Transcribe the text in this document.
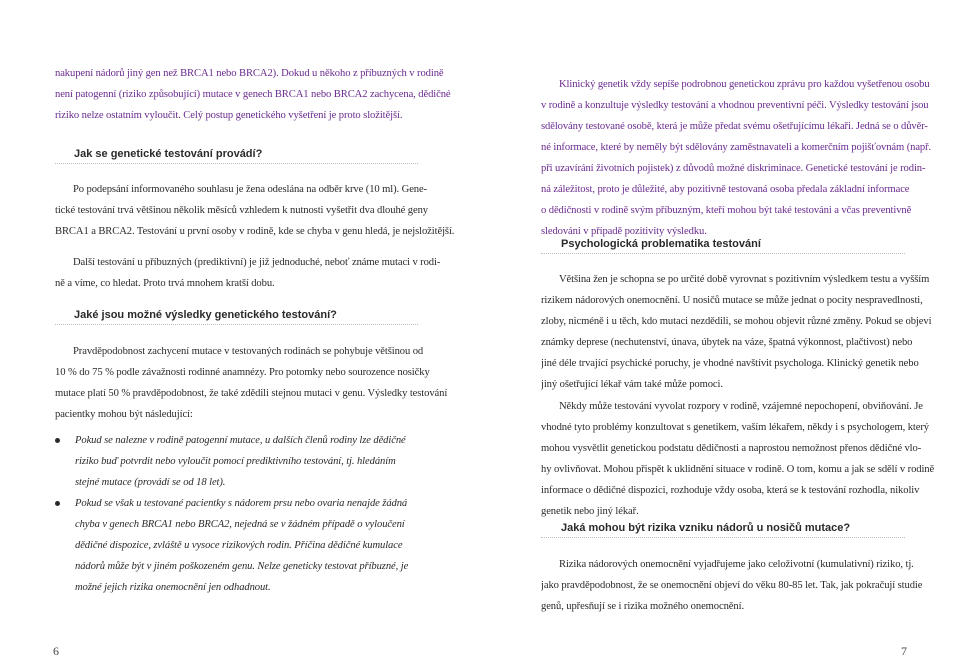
nakupení nádorů jiný gen než BRCA1 nebo BRCA2). Dokud u někoho z příbuzných v rodině
není patogenní (riziko způsobující) mutace v genech BRCA1 nebo BRCA2 zachycena, dědičné
riziko nelze ostatním vyloučit. Celý postup genetického vyšetření je proto složitější.
Jak se genetické testování provádí?
Po podepsání informovaného souhlasu je žena odeslána na odběr krve (10 ml). Gene-
tické testování trvá většinou několik měsíců vzhledem k nutnosti vyšetřit dva dlouhé geny
BRCA1 a BRCA2. Testování u první osoby v rodině, kde se chyba v genu hledá, je nejsložitější.
Další testování u příbuzných (prediktivní) je již jednoduché, neboť známe mutaci v rodi-
ně a víme, co hledat. Proto trvá mnohem kratší dobu.
Jaké jsou možné výsledky genetického testování?
Pravděpodobnost zachycení mutace v testovaných rodinách se pohybuje většinou od
10 % do 75 % podle závažnosti rodinné anamnézy. Pro potomky nebo sourozence nosičky
mutace platí 50 % pravděpodobnost, že také zdědili stejnou mutaci v genu. Výsledky testování
pacientky mohou být následující:
Pokud se nalezne v rodině patogenní mutace, u dalších členů rodiny lze dědičné
riziko buď potvrdit nebo vyloučit pomocí prediktivního testování, tj. hledáním
stejné mutace (provádí se od 18 let).
Pokud se však u testované pacientky s nádorem prsu nebo ovaria nenajde žádná
chyba v genech BRCA1 nebo BRCA2, nejedná se v žádném případě o vyloučení
dědičné dispozice, zvláště u vysoce rizikových rodin. Příčina dědičné kumulace
nádorů může být v jiném poškozeném genu. Nelze geneticky testovat příbuzné, je
možné jejich rizika onemocnění jen odhadnout.
6
Klinický genetik vždy sepíše podrobnou genetickou zprávu pro každou vyšetřenou osobu
v rodině a konzultuje výsledky testování a vhodnou preventivní péči. Výsledky testování jsou
sdělovány testované osobě, která je může předat svému ošetřujícímu lékaři. Jedná se o důvěr-
né informace, které by neměly být sdělovány zaměstnavateli a komerčním pojišťovnám (např.
při uzavírání životních pojistek) z důvodů možné diskriminace. Genetické testování je rodin-
ná záležitost, proto je důležité, aby pozitivně testovaná osoba předala základní informace
o dědičnosti v rodině svým příbuzným, kteří mohou být také testováni a včas preventivně
sledováni v případě pozitivity výsledku.
Psychologická problematika testování
Většina žen je schopna se po určité době vyrovnat s pozitivním výsledkem testu a vyšším
rizikem nádorových onemocnění. U nosičů mutace se může jednat o pocity nespravedlnosti,
zloby, nicméně i u těch, kdo mutaci nezdědili, se mohou objevit různé změny. Pokud se objeví
známky deprese (nechutenství, únava, úbytek na váze, špatná výkonnost, plačtivost) nebo
jiné déle trvající psychické poruchy, je vhodné navštívit psychologa. Klinický genetik nebo
jiný ošetřující lékař vám také může pomoci.
Někdy může testování vyvolat rozpory v rodině, vzájemné nepochopení, obviňování. Je
vhodné tyto problémy konzultovat s genetikem, vaším lékařem, někdy i s psychologem, který
mohou vysvětlit genetickou podstatu dědičnosti a naprostou nemožnost přenos dědičné vlo-
hy ovlivňovat. Mohou přispět k uklidnění situace v rodině. O tom, komu a jak se sdělí v rodině
informace o dědičné dispozici, rozhoduje vždy osoba, která se k testování rozhodla, nikoliv
genetik nebo jiný lékař.
Jaká mohou být rizika vzniku nádorů u nosičů mutace?
Rizika nádorových onemocnění vyjadřujeme jako celoživotní (kumulativní) riziko, tj.
jako pravděpodobnost, že se onemocnění objeví do věku 80-85 let. Tak, jak pokračují studie
genů, upřesňují se i rizika možného onemocnění.
7
